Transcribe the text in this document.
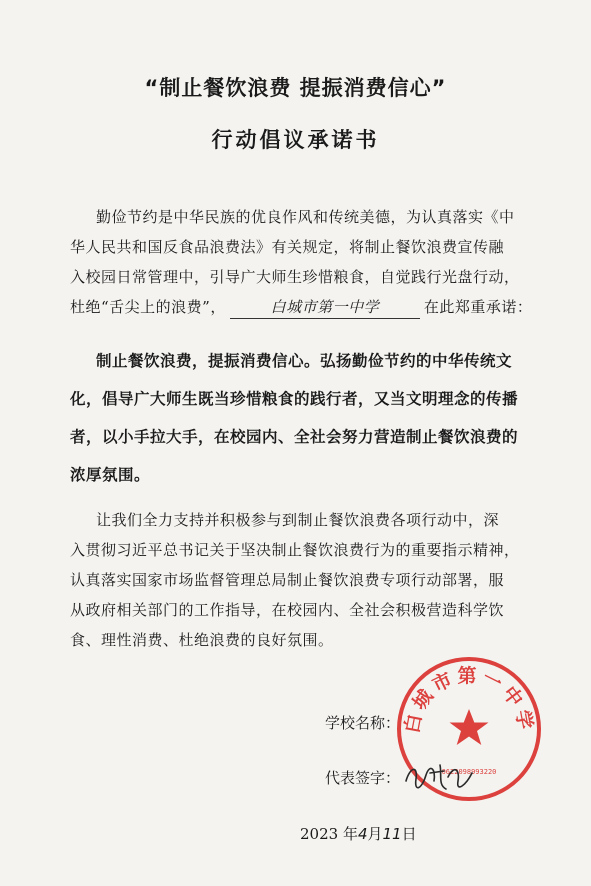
“制止餐饮浪费 提振消费信心”
行动倡议承诺书
勤俭节约是中华民族的优良作风和传统美德，为认真落实《中
华人民共和国反食品浪费法》有关规定，将制止餐饮浪费宣传融
入校园日常管理中，引导广大师生珍惜粮食，自觉践行光盘行动，
杜绝“舌尖上的浪费”，	白城市第一中学	在此郑重承诺：
制止餐饮浪费，提振消费信心。弘扬勤俭节约的中华传统文
化，倡导广大师生既当珍惜粮食的践行者，又当文明理念的传播
者，以小手拉大手，在校园内、全社会努力营造制止餐饮浪费的
浓厚氛围。
让我们全力支持并积极参与到制止餐饮浪费各项行动中，深
入贯彻习近平总书记关于坚决制止餐饮浪费行为的重要指示精神，
认真落实国家市场监督管理总局制止餐饮浪费专项行动部署，服
从政府相关部门的工作指导，在校园内、全社会积极营造科学饮
食、理性消费、杜绝浪费的良好氛围。
学校名称：
代表签字：
白城市第一中学
0622098993220
2023 年4月11日
